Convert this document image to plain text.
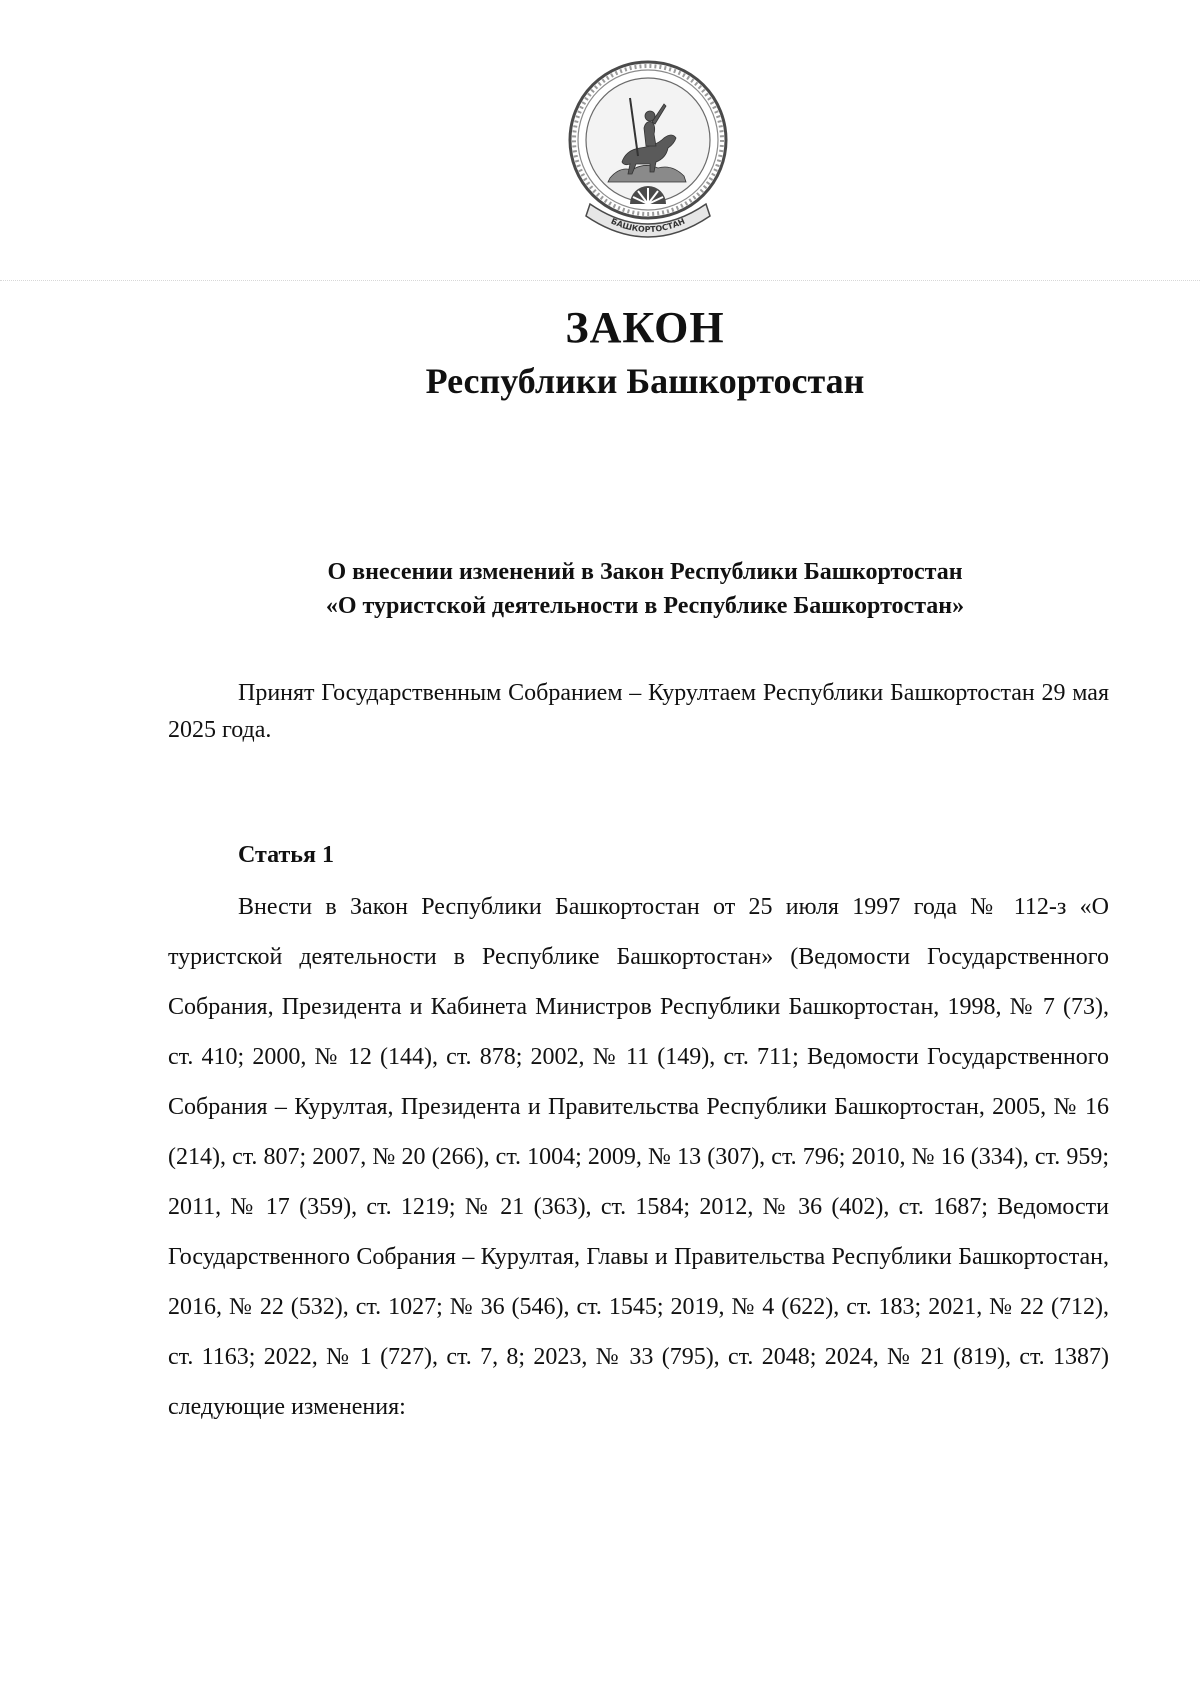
БАШКОРТОСТАН
ЗАКОН
Республики Башкортостан
О внесении изменений в Закон Республики Башкортостан
«О туристской деятельности в Республике Башкортостан»
Принят Государственным Собранием – Курултаем Республики Башкортостан 29 мая 2025 года.
Статья 1
Внести в Закон Республики Башкортостан от 25 июля 1997 года № 112-з «О туристской деятельности в Республике Башкортостан» (Ведомости Государственного Собрания, Президента и Кабинета Министров Республики Башкортостан, 1998, № 7 (73), ст. 410; 2000, № 12 (144), ст. 878; 2002, № 11 (149), ст. 711; Ведомости Государственного Собрания – Курултая, Президента и Правительства Республики Башкортостан, 2005, № 16 (214), ст. 807; 2007, № 20 (266), ст. 1004; 2009, № 13 (307), ст. 796; 2010, № 16 (334), ст. 959; 2011, № 17 (359), ст. 1219; № 21 (363), ст. 1584; 2012, № 36 (402), ст. 1687; Ведомости Государственного Собрания – Курултая, Главы и Правительства Республики Башкортостан, 2016, № 22 (532), ст. 1027; № 36 (546), ст. 1545; 2019, № 4 (622), ст. 183; 2021, № 22 (712), ст. 1163; 2022, № 1 (727), ст. 7, 8; 2023, № 33 (795), ст. 2048; 2024, № 21 (819), ст. 1387) следующие изменения:
